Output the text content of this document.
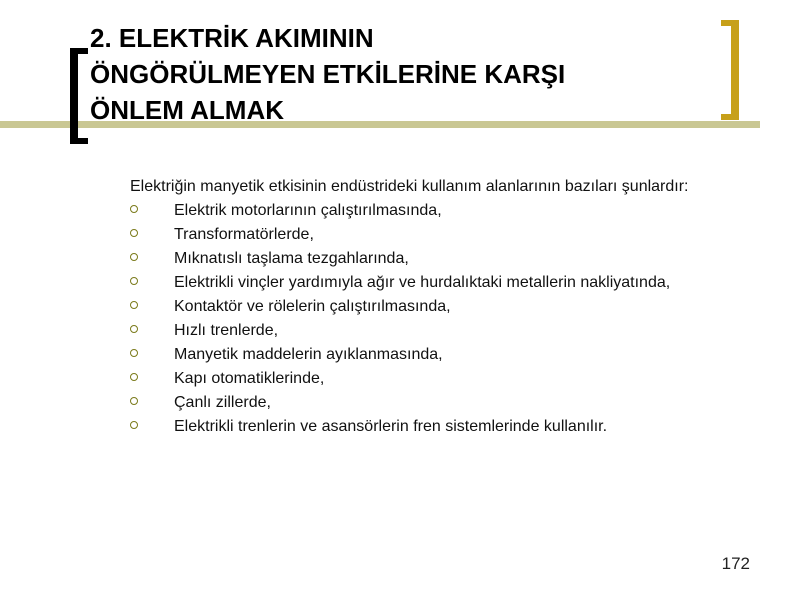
2. ELEKTRİK AKIMININ
ÖNGÖRÜLMEYEN ETKİLERİNE KARŞI
ÖNLEM ALMAK

Elektriğin manyetik etkisinin endüstrideki kullanım alanlarının bazıları şunlardır:

Elektrik motorlarının çalıştırılmasında,
Transformatörlerde,
Mıknatıslı taşlama tezgahlarında,
Elektrikli vinçler yardımıyla ağır ve hurdalıktaki metallerin nakliyatında,
Kontaktör ve rölelerin çalıştırılmasında,
Hızlı trenlerde,
Manyetik maddelerin ayıklanmasında,
Kapı otomatiklerinde,
Çanlı zillerde,
Elektrikli trenlerin ve asansörlerin fren sistemlerinde kullanılır.
172
